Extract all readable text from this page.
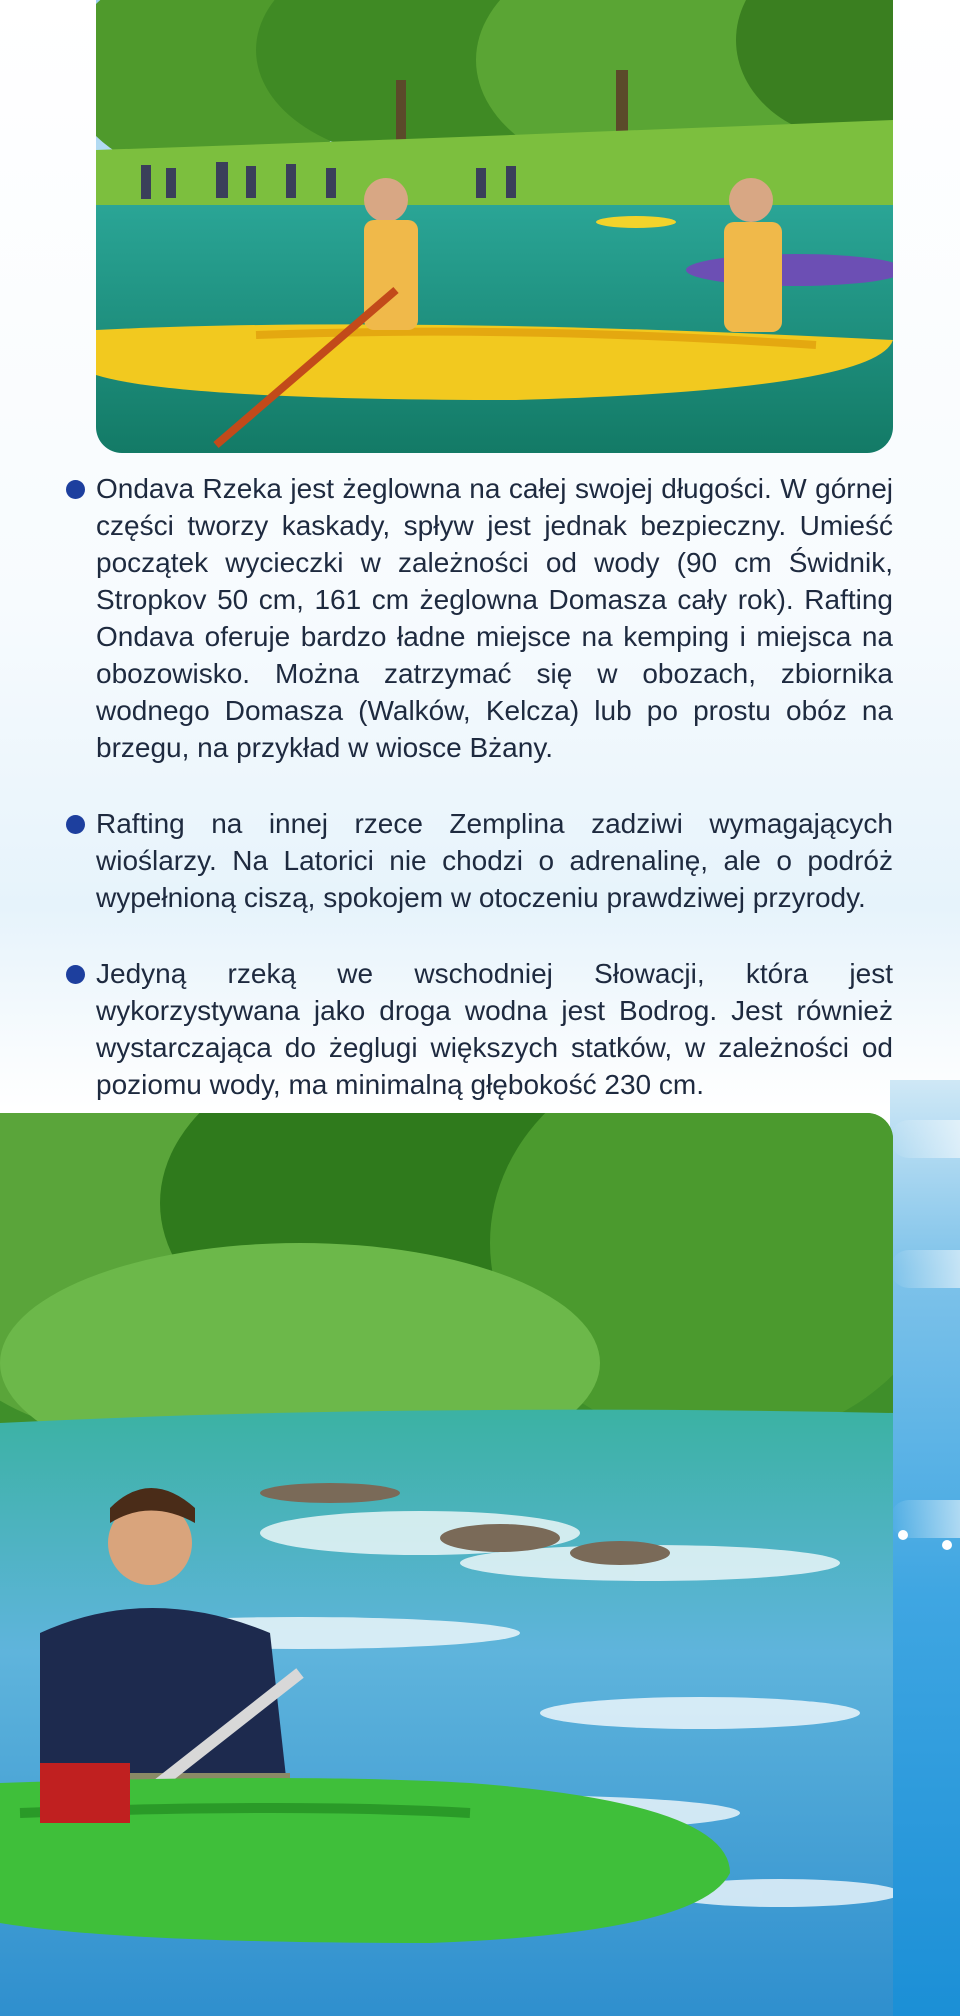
Ondava Rzeka jest żeglowna na całej swojej długości. W górnej części tworzy kaskady, spływ jest jednak bezpieczny. Umieść początek wycieczki w zależności od wody (90 cm Świdnik, Stropkov 50 cm, 161 cm żeglowna Domasza cały rok). Rafting Ondava oferuje bardzo ładne miejsce na kemping i miejsca na obozowisko. Można zatrzymać się w obozach, zbiornika wodnego Domasza (Walków, Kelcza) lub po prostu obóz na brzegu, na przykład w wiosce Bżany.
Rafting na innej rzece Zemplina zadziwi wymagających wioślarzy. Na Latorici nie chodzi o adrenalinę, ale o podróż wypełnioną ciszą, spokojem w otoczeniu prawdziwej przyrody.
Jedyną rzeką we wschodniej Słowacji, która jest wykorzystywana jako droga wodna jest Bodrog. Jest również wystarczająca do żeglugi większych statków, w zależności od poziomu wody, ma minimalną głębokość 230 cm.
